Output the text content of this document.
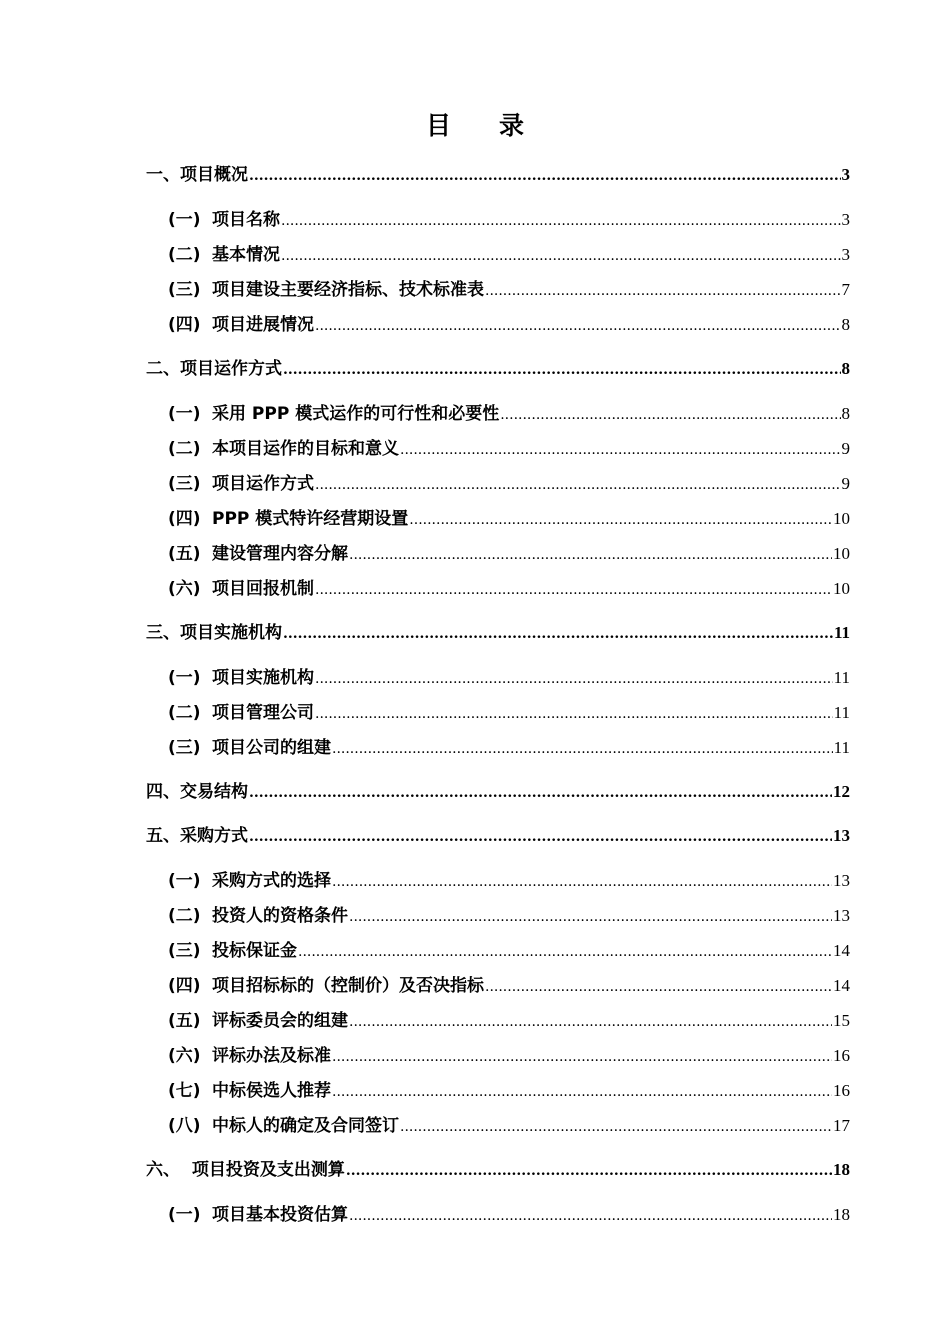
目 录
一、 项目概况 .....	3
(一) 项目名称 .....	3
(二) 基本情况 .....	3
(三) 项目建设主要经济指标、技术标准表 .....	7
(四) 项目进展情况 .....	8
二、 项目运作方式 .....	8
(一) 采用 PPP 模式运作的可行性和必要性 .....	8
(二) 本项目运作的目标和意义 .....	9
(三) 项目运作方式 .....	9
(四) PPP 模式特许经营期设置 .....	10
(五) 建设管理内容分解 .....	10
(六) 项目回报机制 .....	10
三、 项目实施机构 .....	11
(一) 项目实施机构 .....	11
(二) 项目管理公司 .....	11
(三) 项目公司的组建 .....	11
四、 交易结构 .....	12
五、 采购方式 .....	13
(一) 采购方式的选择 .....	13
(二) 投资人的资格条件 .....	13
(三) 投标保证金 .....	14
(四) 项目招标标的（控制价）及否决指标 .....	14
(五) 评标委员会的组建 .....	15
(六) 评标办法及标准 .....	16
(七) 中标侯选人推荐 .....	16
(八) 中标人的确定及合同签订 .....	17
六、 项目投资及支出测算 .....	18
(一) 项目基本投资估算 .....	18
